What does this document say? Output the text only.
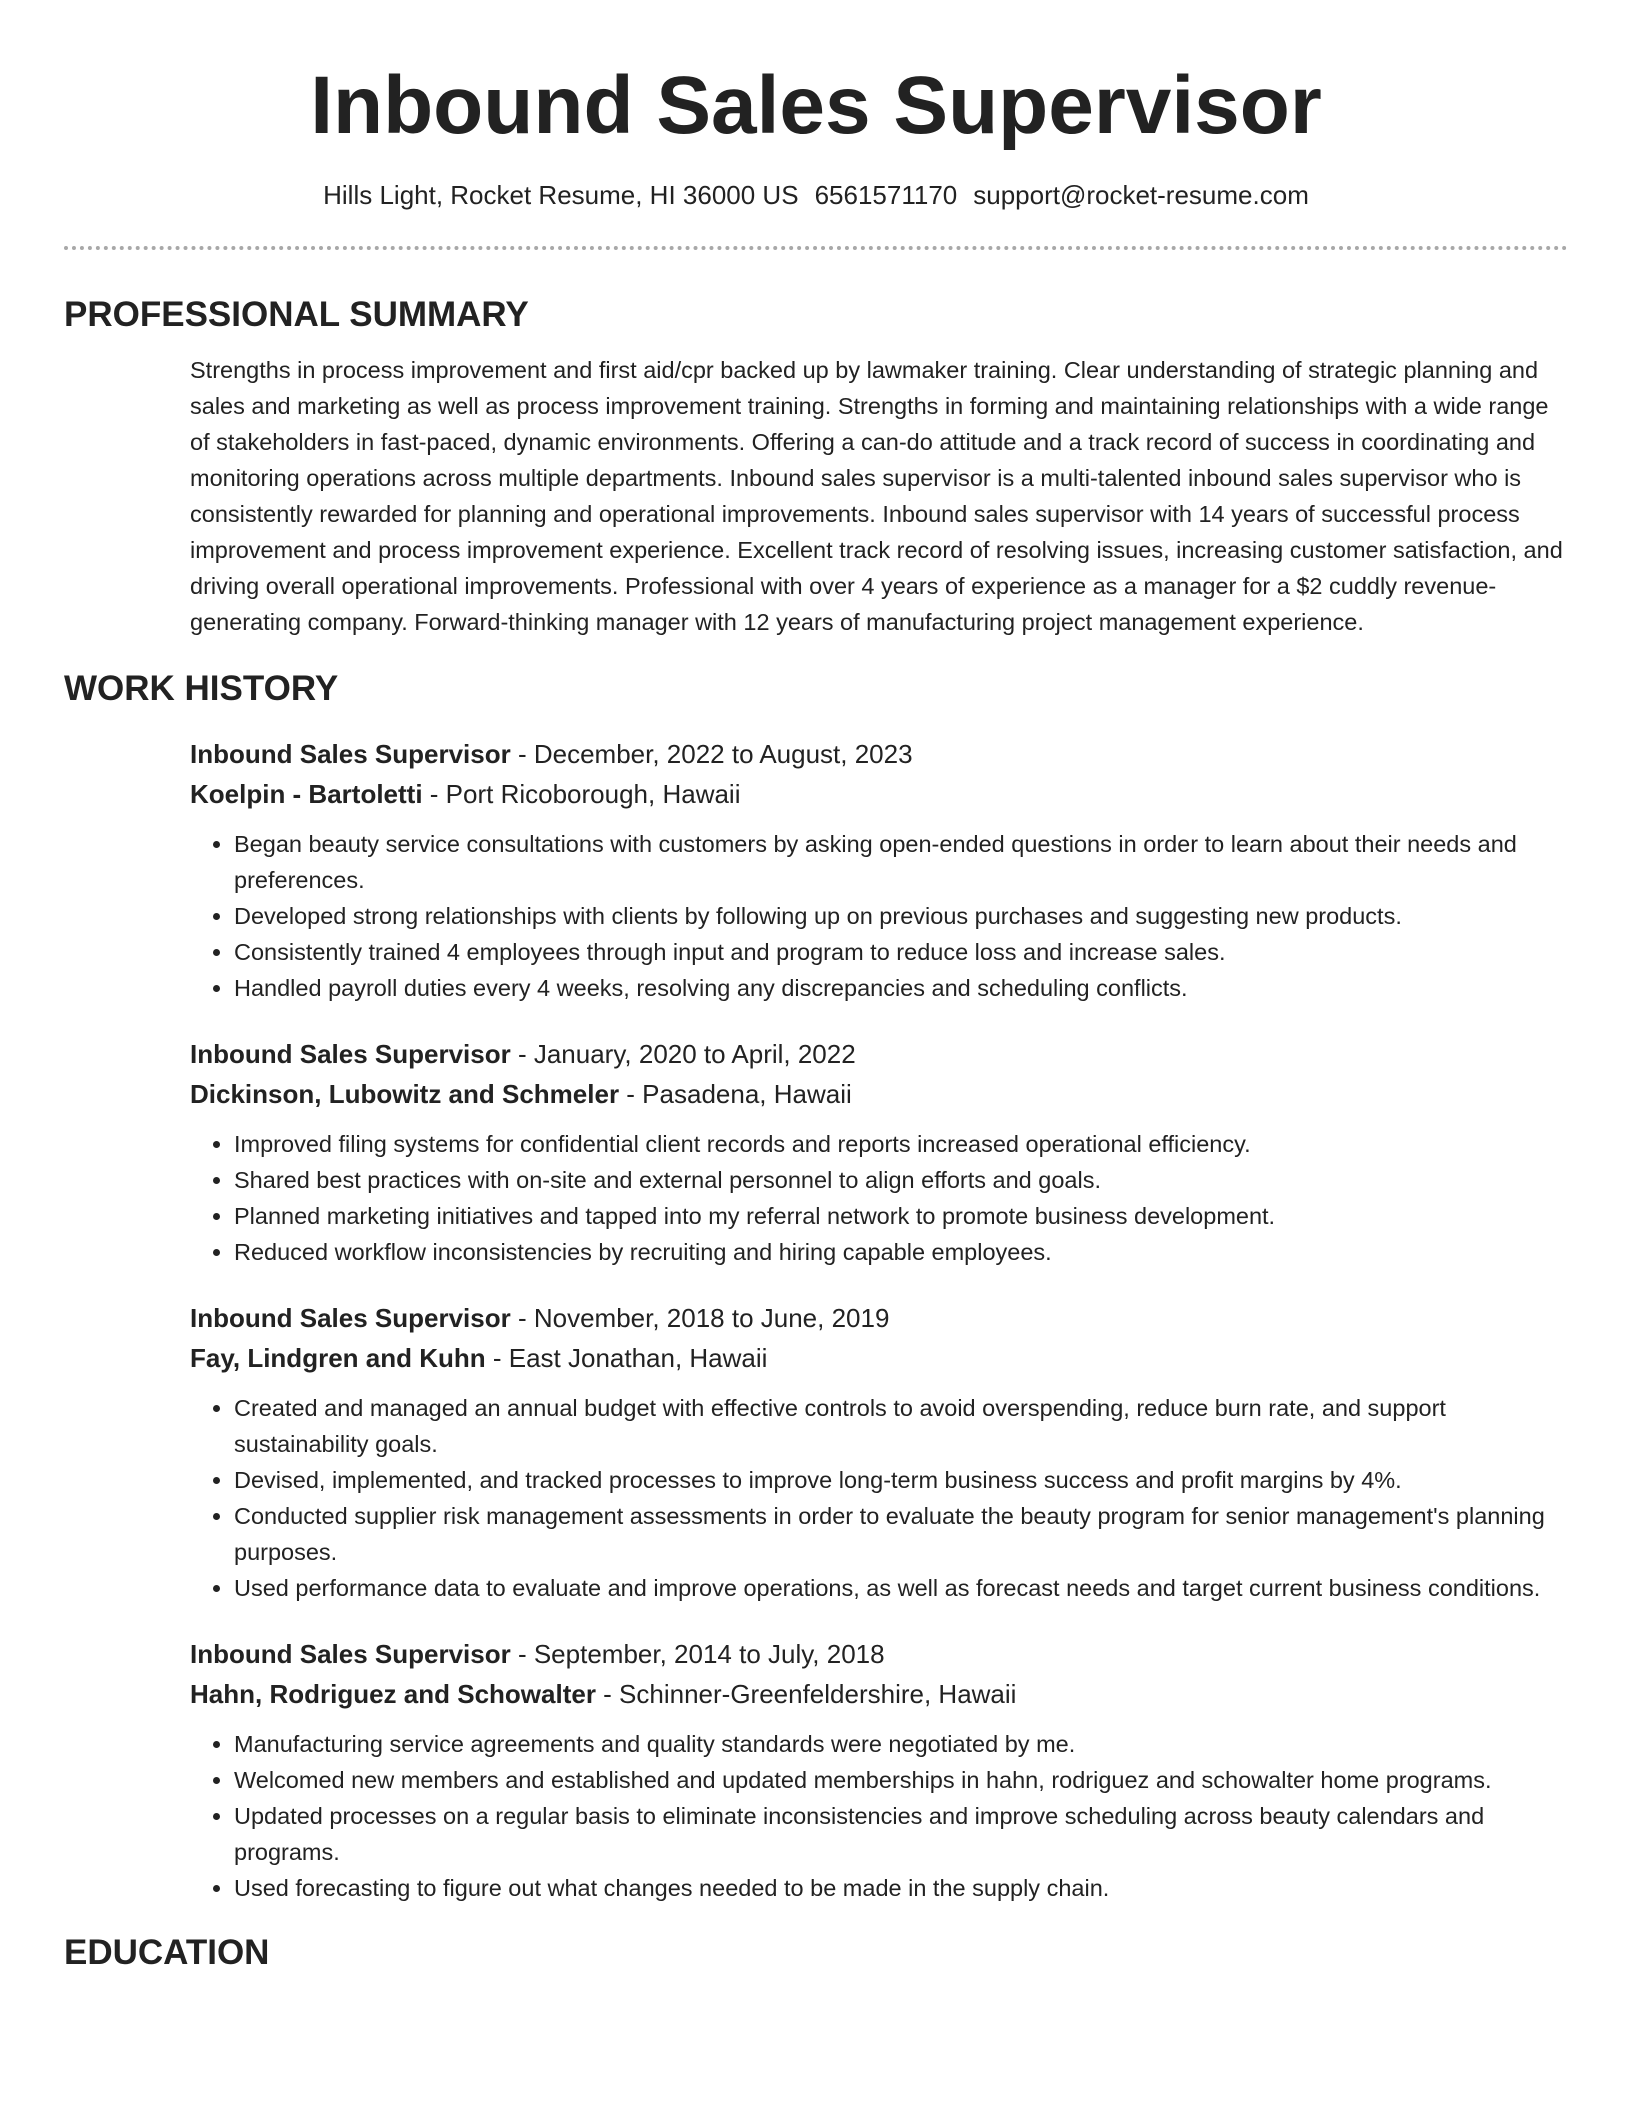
Inbound Sales Supervisor
Hills Light, Rocket Resume, HI 36000 US 6561571170 support@rocket-resume.com
PROFESSIONAL SUMMARY
Strengths in process improvement and first aid/cpr backed up by lawmaker training. Clear understanding of strategic planning and sales and marketing as well as process improvement training. Strengths in forming and maintaining relationships with a wide range of stakeholders in fast-paced, dynamic environments. Offering a can-do attitude and a track record of success in coordinating and monitoring operations across multiple departments. Inbound sales supervisor is a multi-talented inbound sales supervisor who is consistently rewarded for planning and operational improvements. Inbound sales supervisor with 14 years of successful process improvement and process improvement experience. Excellent track record of resolving issues, increasing customer satisfaction, and driving overall operational improvements. Professional with over 4 years of experience as a manager for a $2 cuddly revenue-generating company. Forward-thinking manager with 12 years of manufacturing project management experience.
WORK HISTORY
Inbound Sales Supervisor - December, 2022 to August, 2023
Koelpin - Bartoletti - Port Ricoborough, Hawaii
• Began beauty service consultations with customers by asking open-ended questions in order to learn about their needs and preferences.
• Developed strong relationships with clients by following up on previous purchases and suggesting new products.
• Consistently trained 4 employees through input and program to reduce loss and increase sales.
• Handled payroll duties every 4 weeks, resolving any discrepancies and scheduling conflicts.
Inbound Sales Supervisor - January, 2020 to April, 2022
Dickinson, Lubowitz and Schmeler - Pasadena, Hawaii
• Improved filing systems for confidential client records and reports increased operational efficiency.
• Shared best practices with on-site and external personnel to align efforts and goals.
• Planned marketing initiatives and tapped into my referral network to promote business development.
• Reduced workflow inconsistencies by recruiting and hiring capable employees.
Inbound Sales Supervisor - November, 2018 to June, 2019
Fay, Lindgren and Kuhn - East Jonathan, Hawaii
• Created and managed an annual budget with effective controls to avoid overspending, reduce burn rate, and support sustainability goals.
• Devised, implemented, and tracked processes to improve long-term business success and profit margins by 4%.
• Conducted supplier risk management assessments in order to evaluate the beauty program for senior management's planning purposes.
• Used performance data to evaluate and improve operations, as well as forecast needs and target current business conditions.
Inbound Sales Supervisor - September, 2014 to July, 2018
Hahn, Rodriguez and Schowalter - Schinner-Greenfeldershire, Hawaii
• Manufacturing service agreements and quality standards were negotiated by me.
• Welcomed new members and established and updated memberships in hahn, rodriguez and schowalter home programs.
• Updated processes on a regular basis to eliminate inconsistencies and improve scheduling across beauty calendars and programs.
• Used forecasting to figure out what changes needed to be made in the supply chain.
EDUCATION
